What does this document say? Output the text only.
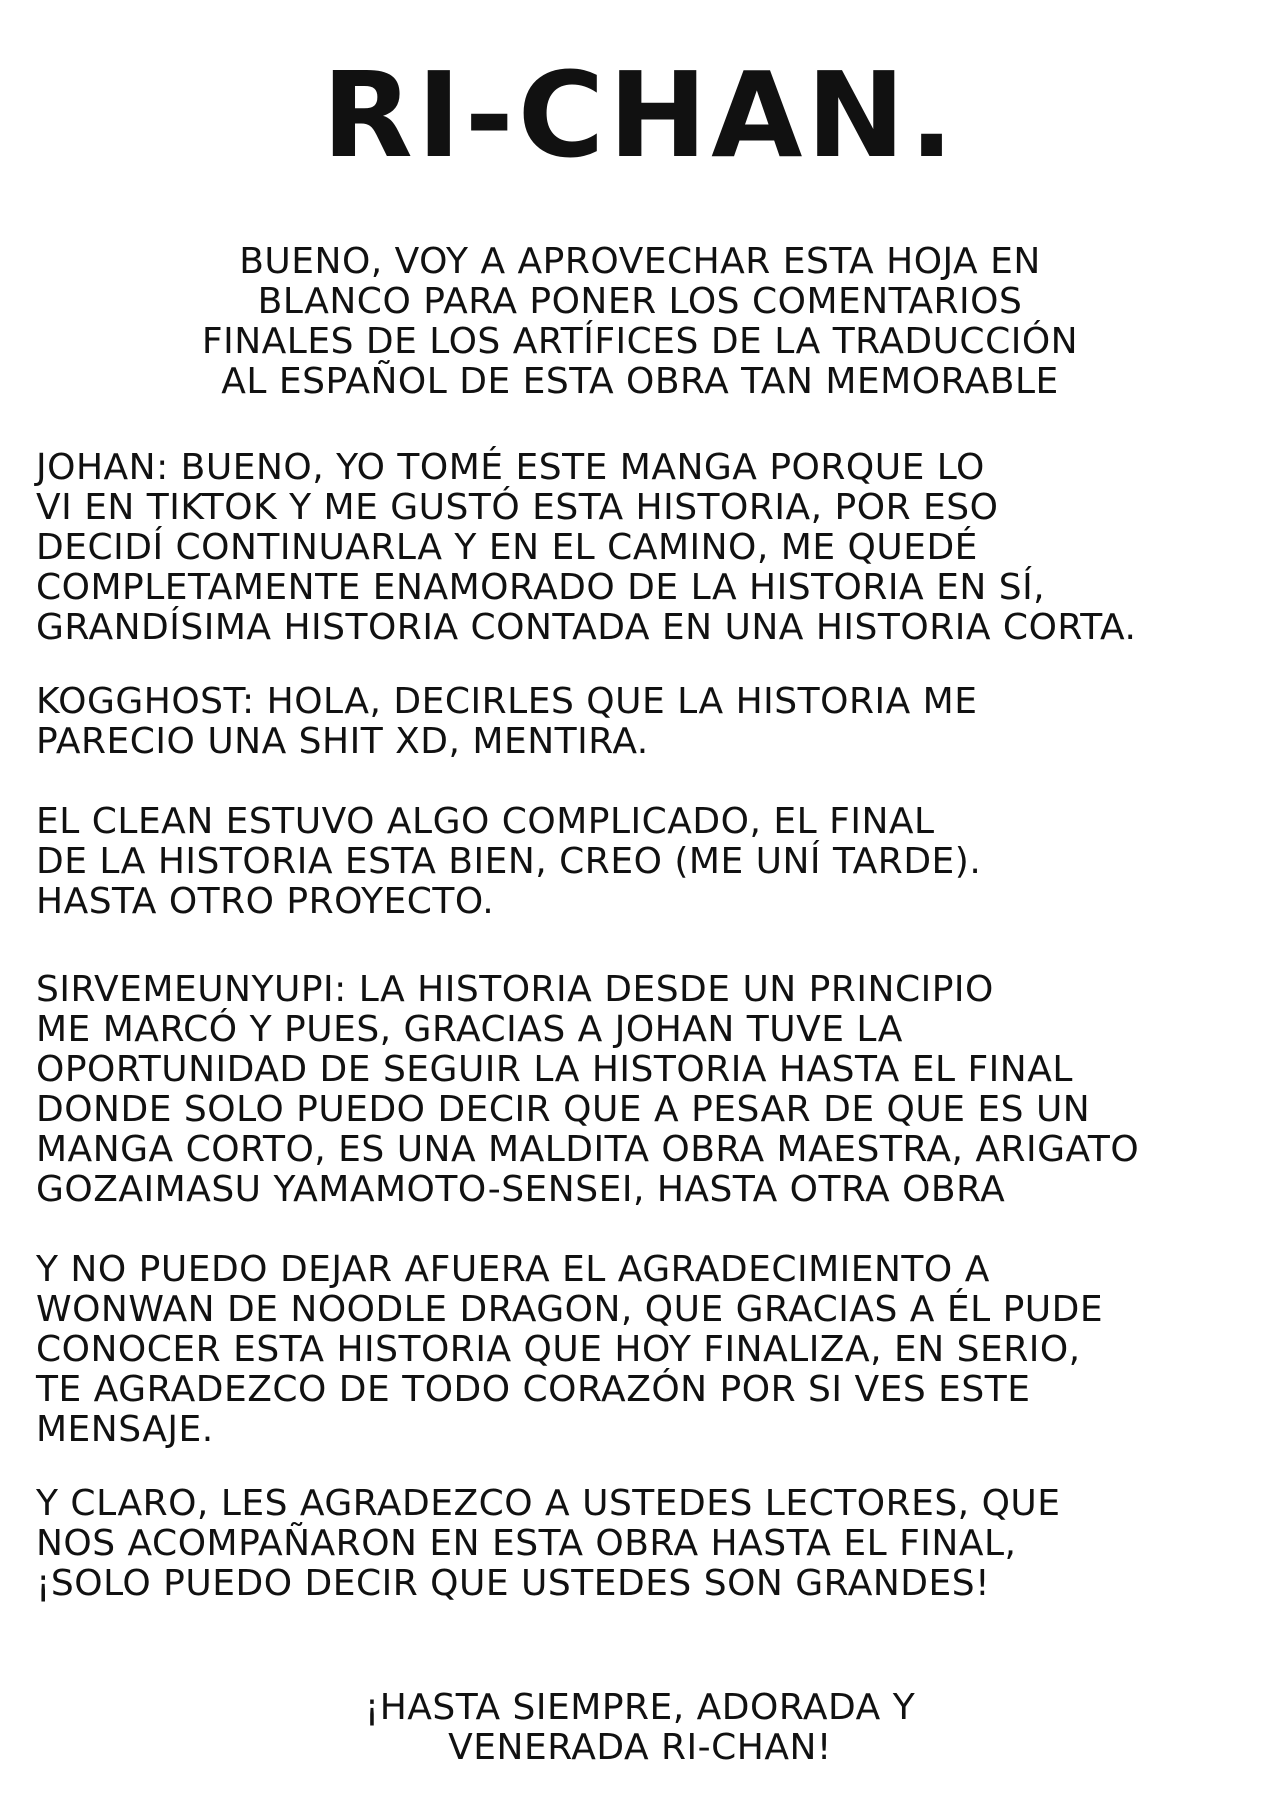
RI-CHAN.

BUENO, VOY A APROVECHAR ESTA HOJA EN
BLANCO PARA PONER LOS COMENTARIOS
FINALES DE LOS ARTÍFICES DE LA TRADUCCIÓN
AL ESPAÑOL DE ESTA OBRA TAN MEMORABLE

JOHAN: BUENO, YO TOMÉ ESTE MANGA PORQUE LO
VI EN TIKTOK Y ME GUSTÓ ESTA HISTORIA, POR ESO
DECIDÍ CONTINUARLA Y EN EL CAMINO, ME QUEDÉ
COMPLETAMENTE ENAMORADO DE LA HISTORIA EN SÍ,
GRANDÍSIMA HISTORIA CONTADA EN UNA HISTORIA CORTA.

KOGGHOST: HOLA, DECIRLES QUE LA HISTORIA ME
PARECIO UNA SHIT XD, MENTIRA.

EL CLEAN ESTUVO ALGO COMPLICADO, EL FINAL
DE LA HISTORIA ESTA BIEN, CREO (ME UNÍ TARDE).
HASTA OTRO PROYECTO.

SIRVEMEUNYUPI: LA HISTORIA DESDE UN PRINCIPIO
ME MARCÓ Y PUES, GRACIAS A JOHAN TUVE LA
OPORTUNIDAD DE SEGUIR LA HISTORIA HASTA EL FINAL
DONDE SOLO PUEDO DECIR QUE A PESAR DE QUE ES UN
MANGA CORTO, ES UNA MALDITA OBRA MAESTRA, ARIGATO
GOZAIMASU YAMAMOTO-SENSEI, HASTA OTRA OBRA

Y NO PUEDO DEJAR AFUERA EL AGRADECIMIENTO A
WONWAN DE NOODLE DRAGON, QUE GRACIAS A ÉL PUDE
CONOCER ESTA HISTORIA QUE HOY FINALIZA, EN SERIO,
TE AGRADEZCO DE TODO CORAZÓN POR SI VES ESTE
MENSAJE.

Y CLARO, LES AGRADEZCO A USTEDES LECTORES, QUE
NOS ACOMPAÑARON EN ESTA OBRA HASTA EL FINAL,
¡SOLO PUEDO DECIR QUE USTEDES SON GRANDES!

¡HASTA SIEMPRE, ADORADA Y
VENERADA RI-CHAN!
